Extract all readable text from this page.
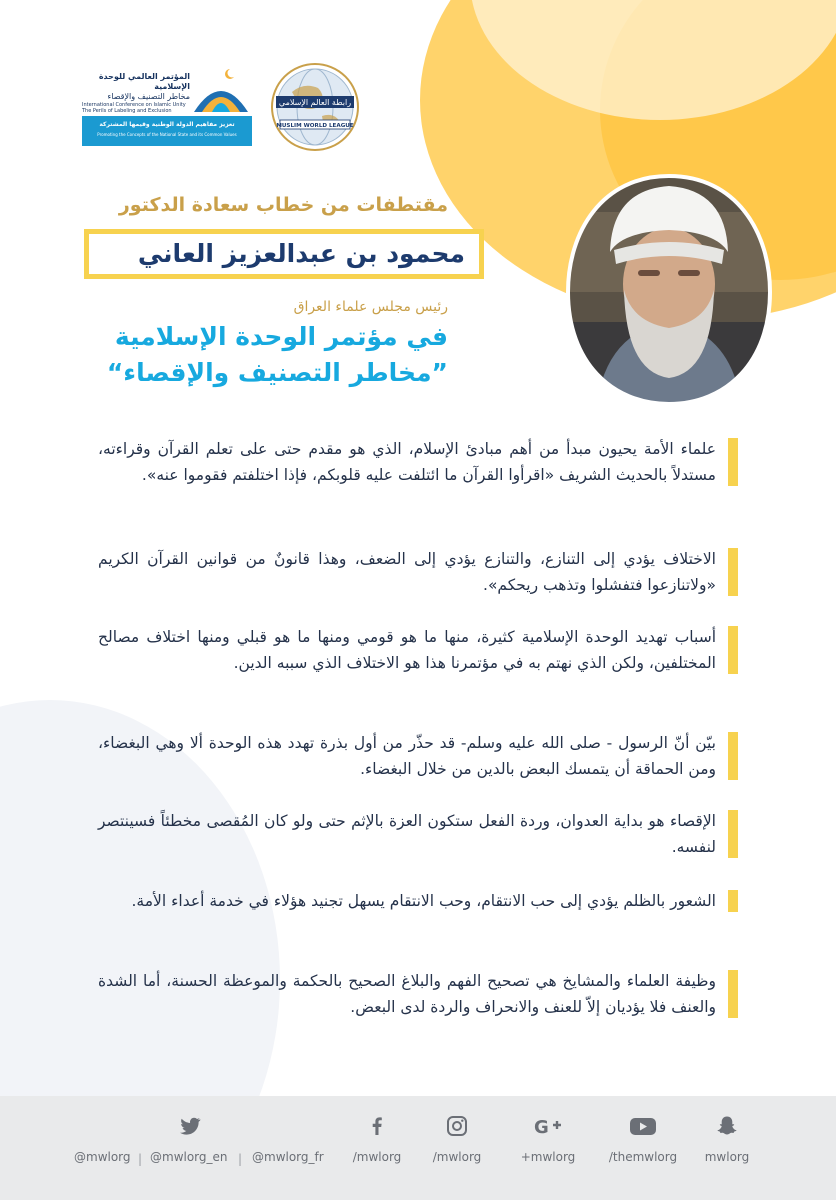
المؤتمر العالمي للوحدة الإسلامية
مخاطر التصنيف والإقصاء
International Conference on Islamic Unity
The Perils of Labeling and Exclusion
تعزيز مفاهيم الدولة الوطنية وقيمها المشتركة
Promoting the Concepts of the National State and its Common Values
رابطة العالم الإسلامي
MUSLIM WORLD LEAGUE
مقتطفات من خطاب سعادة الدكتور
محمود بن عبدالعزيز العاني
رئيس مجلس علماء العراق
في مؤتمر الوحدة الإسلامية
”مخاطر التصنيف والإقصاء“
علماء الأمة يحيون مبدأ من أهم مبادئ الإسلام، الذي هو مقدم حتى على تعلم القرآن وقراءته، مستدلاً بالحديث الشريف «اقرأوا القرآن ما ائتلفت عليه قلوبكم، فإذا اختلفتم فقوموا عنه».
الاختلاف يؤدي إلى التنازع، والتنازع يؤدي إلى الضعف، وهذا قانونٌ من قوانين القرآن الكريم «ولاتنازعوا فتفشلوا وتذهب ريحكم».
أسباب تهديد الوحدة الإسلامية كثيرة، منها ما هو قومي ومنها ما هو قبلي ومنها اختلاف مصالح المختلفين، ولكن الذي نهتم به في مؤتمرنا هذا هو الاختلاف الذي سببه الدين.
بيّن أنّ الرسول - صلى الله عليه وسلم- قد حذّر من أول بذرة تهدد هذه الوحدة ألا وهي البغضاء، ومن الحماقة أن يتمسك البعض بالدين من خلال البغضاء.
الإقصاء هو بداية العدوان، وردة الفعل ستكون العزة بالإثم حتى ولو كان المُقصى مخطئاً فسينتصر لنفسه.
الشعور بالظلم يؤدي إلى حب الانتقام، وحب الانتقام يسهل تجنيد هؤلاء في خدمة أعداء الأمة.
وظيفة العلماء والمشايخ هي تصحيح الفهم والبلاغ الصحيح بالحكمة والموعظة الحسنة، أما الشدة والعنف فلا يؤديان إلاّ للعنف والانحراف والردة لدى البعض.
@mwlorg | @mwlorg_en | @mwlorg_fr	/mwlorg	/mwlorg
G
+mwlorg	/themwlorg	mwlorg
